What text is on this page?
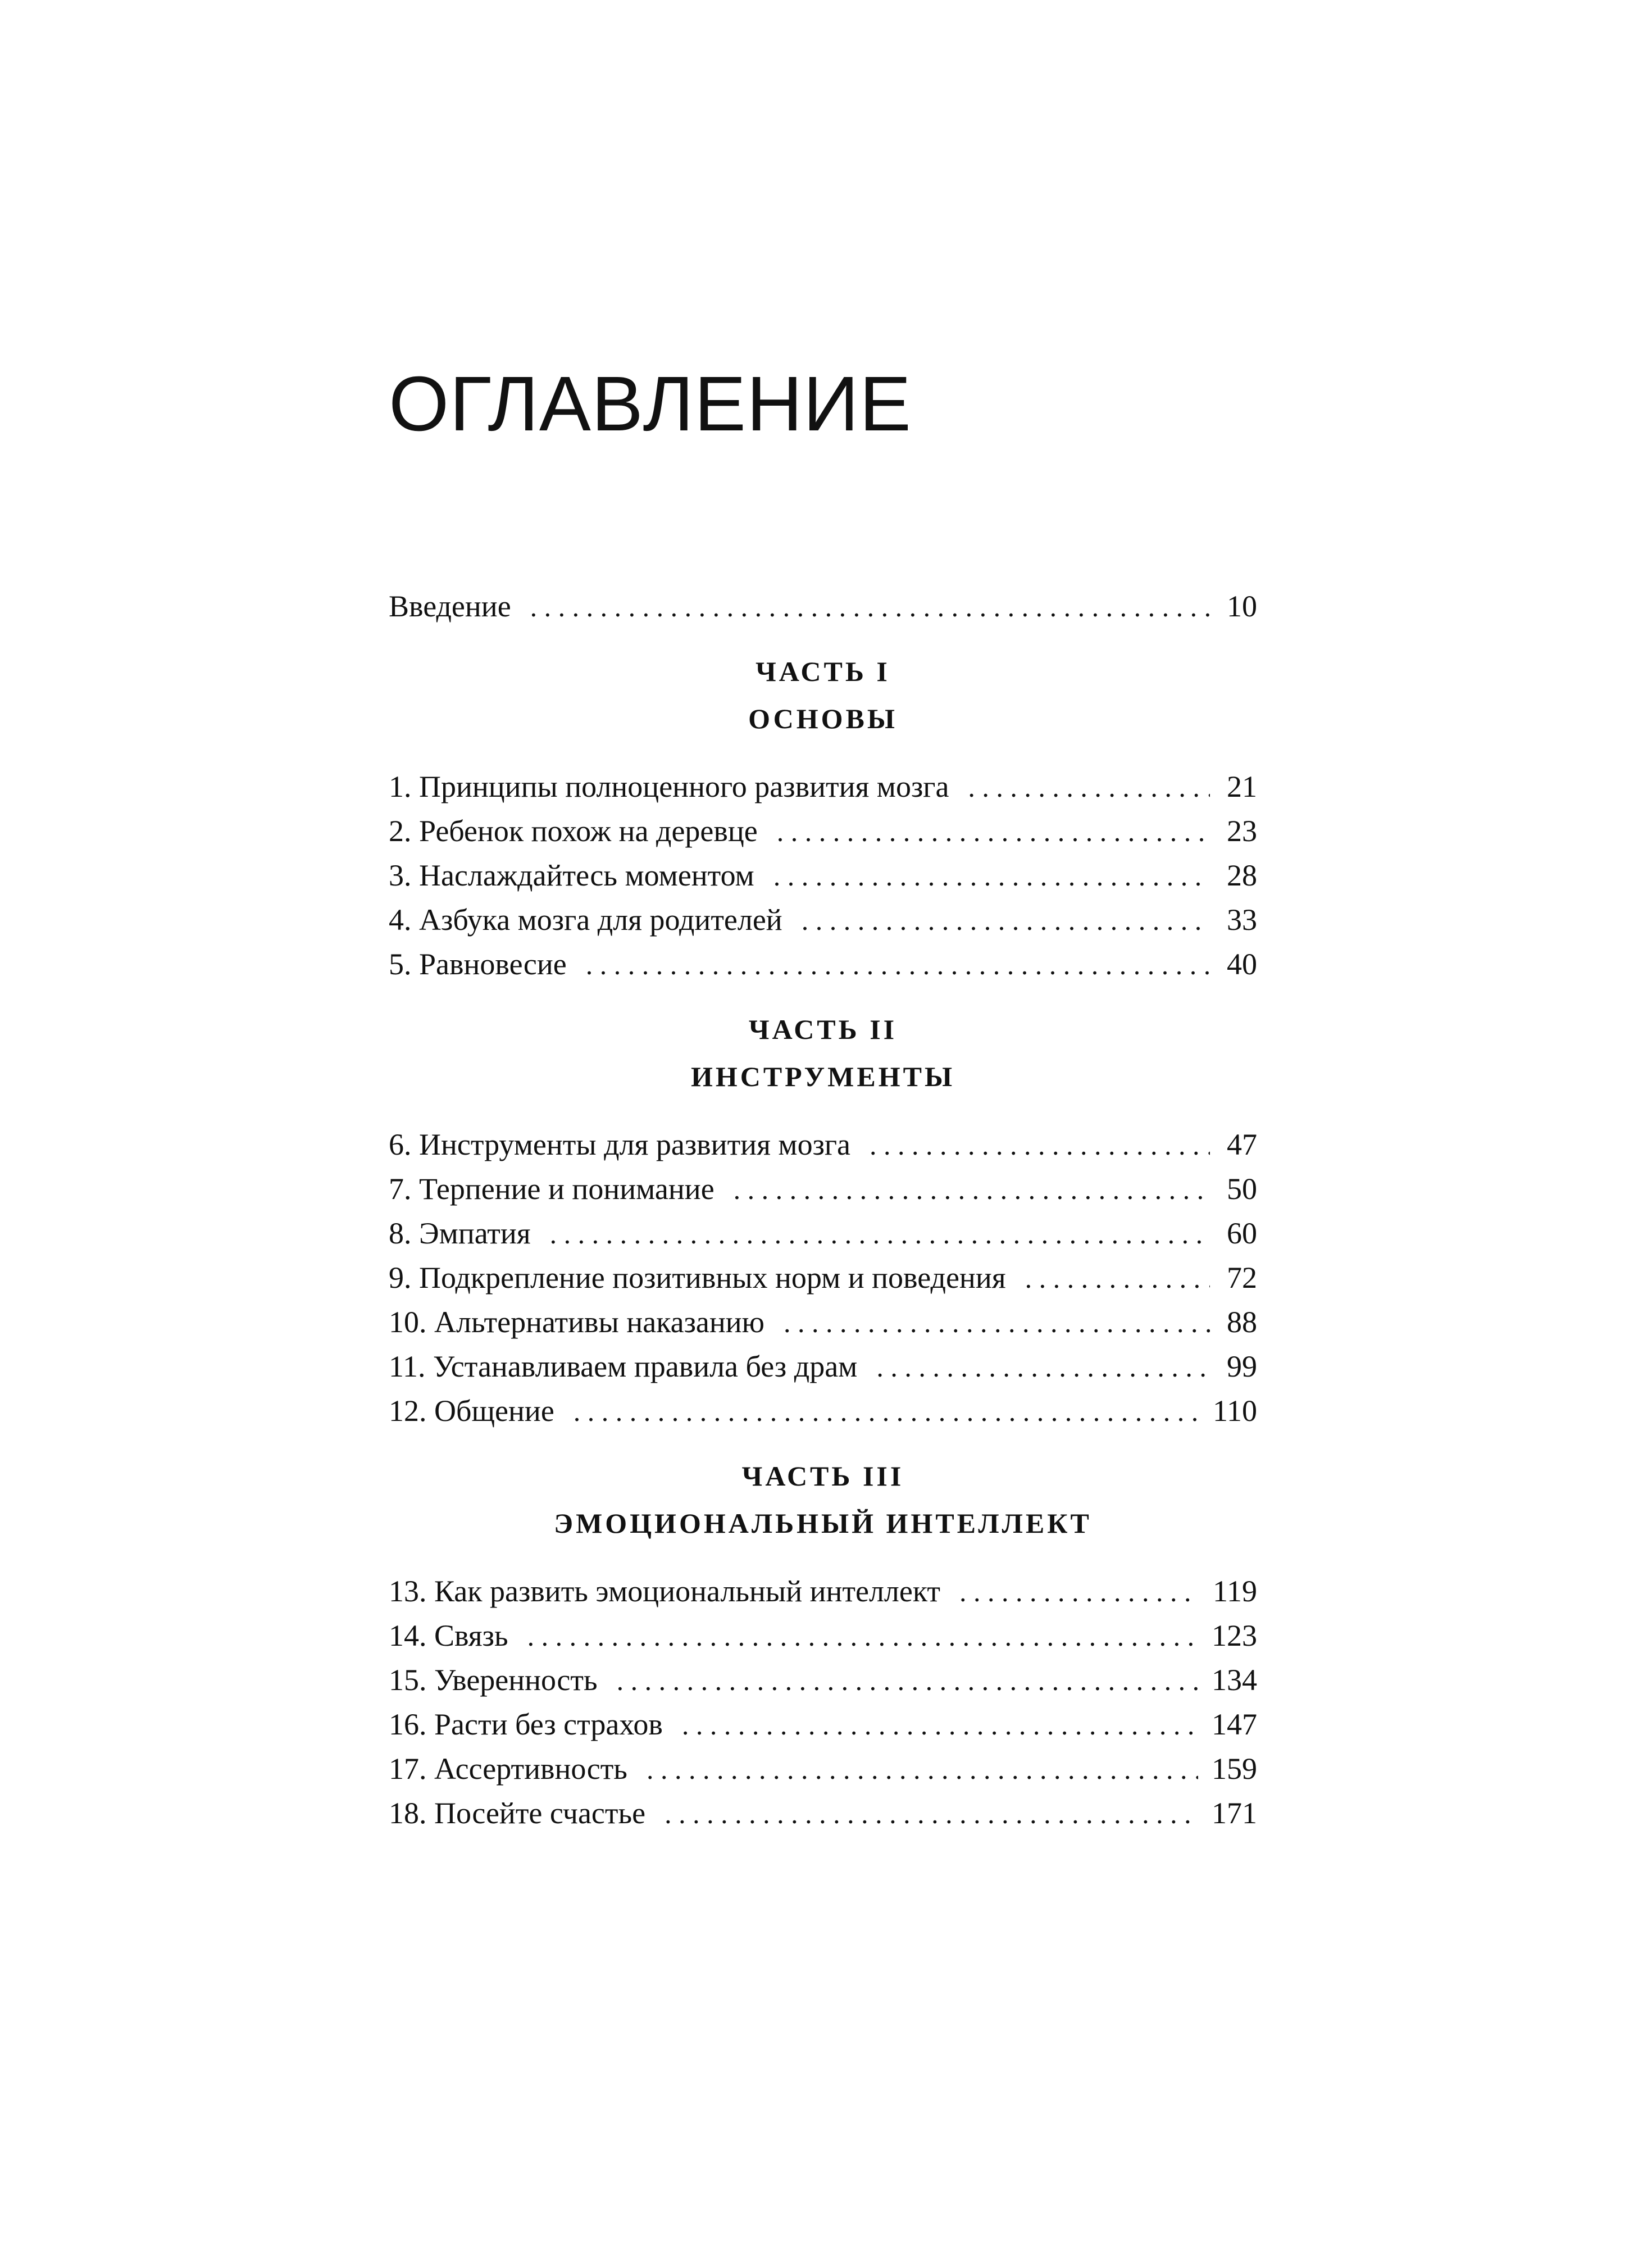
ОГЛАВЛЕНИЕ
Введение . . .	10
ЧАСТЬ I
ОСНОВЫ
1. Принципы полноценного развития мозга . . .	21
2. Ребенок похож на деревце . . .	23
3. Наслаждайтесь моментом . . .	28
4. Азбука мозга для родителей . . .	33
5. Равновесие . . .	40
ЧАСТЬ II
ИНСТРУМЕНТЫ
6. Инструменты для развития мозга . . .	47
7. Терпение и понимание . . .	50
8. Эмпатия . . .	60
9. Подкрепление позитивных норм и поведения . . .	72
10. Альтернативы наказанию . . .	88
11. Устанавливаем правила без драм . . .	99
12. Общение . . .	110
ЧАСТЬ III
ЭМОЦИОНАЛЬНЫЙ ИНТЕЛЛЕКТ
13. Как развить эмоциональный интеллект . . .	119
14. Связь . . .	123
15. Уверенность . . .	134
16. Расти без страхов . . .	147
17. Ассертивность . . .	159
18. Посейте счастье . . .	171
